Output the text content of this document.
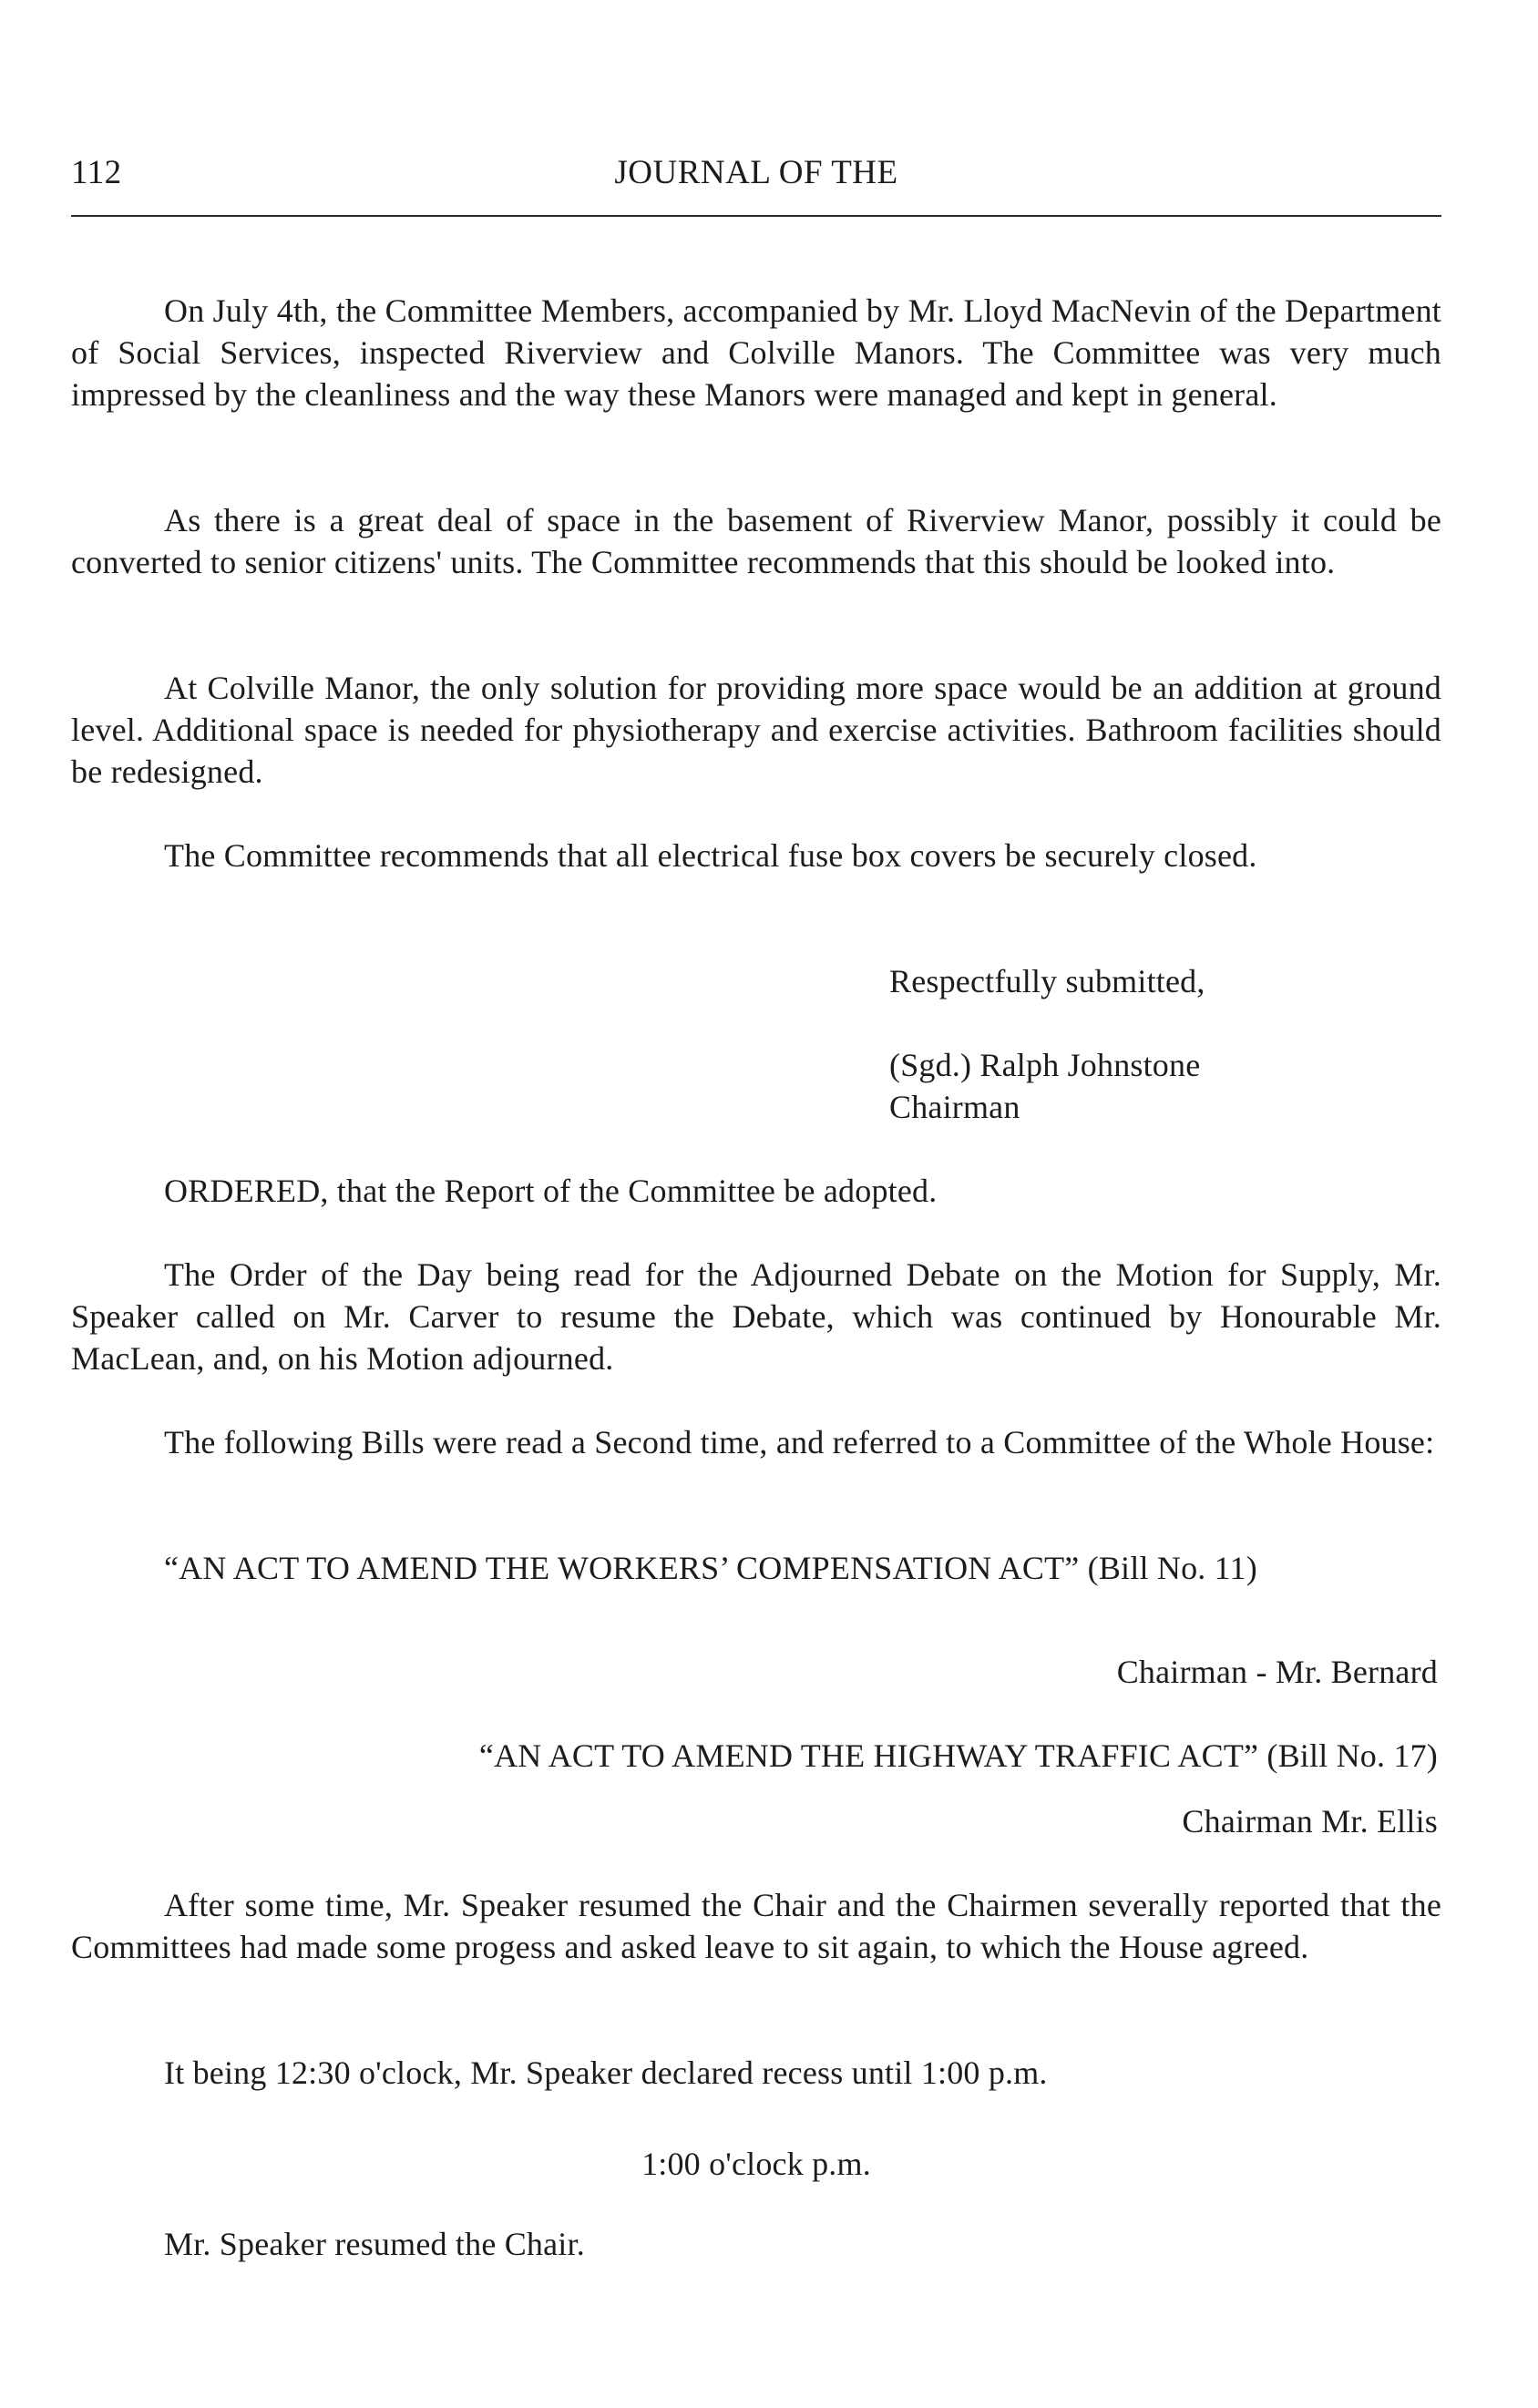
112	JOURNAL OF THE
On July 4th, the Committee Members, accompanied by Mr. Lloyd MacNevin of the Department of Social Services, inspected Riverview and Colville Manors. The Committee was very much impressed by the cleanliness and the way these Manors were managed and kept in general.
As there is a great deal of space in the basement of Riverview Manor, possibly it could be converted to senior citizens' units. The Committee recommends that this should be looked into.
At Colville Manor, the only solution for providing more space would be an addition at ground level. Additional space is needed for physiotherapy and exercise activities. Bathroom facilities should be redesigned.
The Committee recommends that all electrical fuse box covers be securely closed.
Respectfully submitted,
(Sgd.) Ralph Johnstone
Chairman
ORDERED, that the Report of the Committee be adopted.
The Order of the Day being read for the Adjourned Debate on the Motion for Supply, Mr. Speaker called on Mr. Carver to resume the Debate, which was continued by Honourable Mr. MacLean, and, on his Motion adjourned.
The following Bills were read a Second time, and referred to a Committee of the Whole House:
“AN ACT TO AMEND THE WORKERS’ COMPENSATION ACT” (Bill No. 11)
Chairman - Mr. Bernard
“AN ACT TO AMEND THE HIGHWAY TRAFFIC ACT” (Bill No. 17)
Chairman Mr. Ellis
After some time, Mr. Speaker resumed the Chair and the Chairmen severally reported that the Committees had made some progess and asked leave to sit again, to which the House agreed.
It being 12:30 o'clock, Mr. Speaker declared recess until 1:00 p.m.
1:00 o'clock p.m.
Mr. Speaker resumed the Chair.
